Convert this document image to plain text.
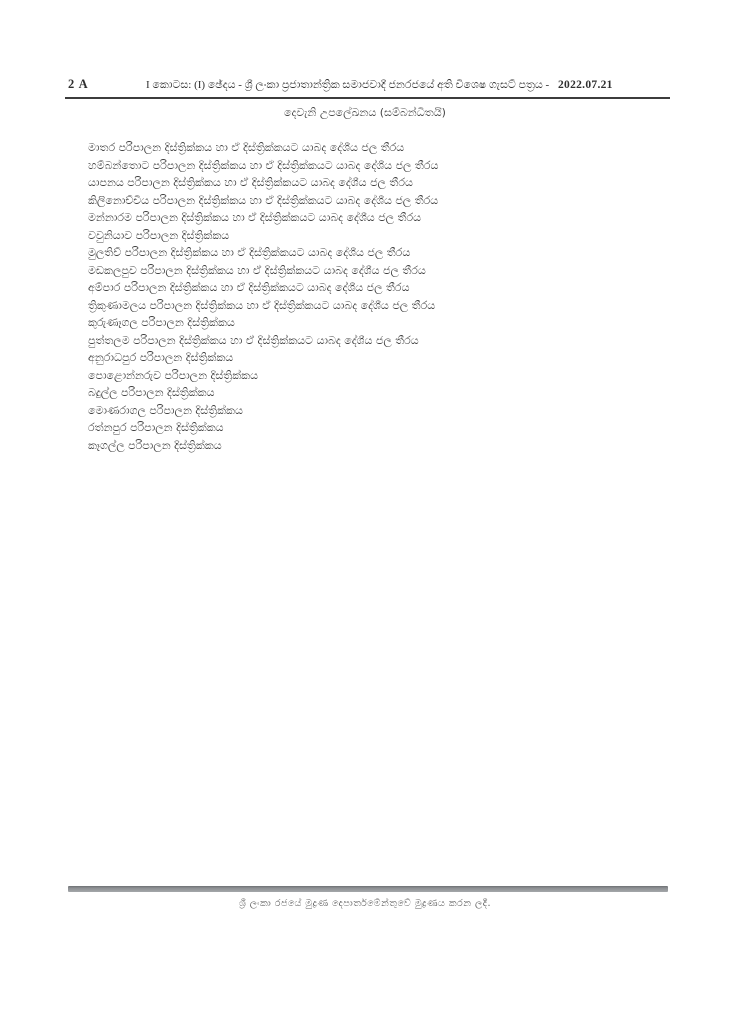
2 A	I කොටස: (I) ඡේදය - ශ්‍රී ලංකා ප්‍රජාතාන්ත්‍රික සමාජවාදී ජනරජයේ අති විශෙෂ ගැසට් පත්‍රය - 2022.07.21
දෙවැනි උපලේඛනය (සම්බන්ධිතයි)
මාතර පරිපාලන දිස්ත්‍රික්කය හා ඒ දිස්ත්‍රික්කයට යාබද දේශීය ජල තීරය
හම්බන්තොට පරිපාලන දිස්ත්‍රික්කය හා ඒ දිස්ත්‍රික්කයට යාබද දේශීය ජල තීරය
යාපනය පරිපාලන දිස්ත්‍රික්කය හා ඒ දිස්ත්‍රික්කයට යාබද දේශීය ජල තීරය
කිලිනොච්චිය පරිපාලන දිස්ත්‍රික්කය හා ඒ දිස්ත්‍රික්කයට යාබද දේශීය ජල තීරය
මන්නාරම පරිපාලන දිස්ත්‍රික්කය හා ඒ දිස්ත්‍රික්කයට යාබද දේශීය ජල තීරය
වවුනියාව පරිපාලන දිස්ත්‍රික්කය
මුලතිව් පරිපාලන දිස්ත්‍රික්කය හා ඒ දිස්ත්‍රික්කයට යාබද දේශීය ජල තීරය
මඩකලපුව පරිපාලන දිස්ත්‍රික්කය හා ඒ දිස්ත්‍රික්කයට යාබද දේශීය ජල තීරය
අම්පාර පරිපාලන දිස්ත්‍රික්කය හා ඒ දිස්ත්‍රික්කයට යාබද දේශීය ජල තීරය
ත්‍රිකුණාමලය පරිපාලන දිස්ත්‍රික්කය හා ඒ දිස්ත්‍රික්කයට යාබද දේශීය ජල තීරය
කුරුණෑගල පරිපාලන දිස්ත්‍රික්කය
පුත්තලම පරිපාලන දිස්ත්‍රික්කය හා ඒ දිස්ත්‍රික්කයට යාබද දේශීය ජල තීරය
අනුරාධපුර පරිපාලන දිස්ත්‍රික්කය
පොළොන්නරුව පරිපාලන දිස්ත්‍රික්කය
බදුල්ල පරිපාලන දිස්ත්‍රික්කය
මොණරාගල පරිපාලන දිස්ත්‍රික්කය
රත්නපුර පරිපාලන දිස්ත්‍රික්කය
කෑගල්ල පරිපාලන දිස්ත්‍රික්කය
ශ්‍රී ලංකා රජයේ මුද්‍රණ දෙපාර්තමේන්තුවේ මුද්‍රණය කරන ලදී.
